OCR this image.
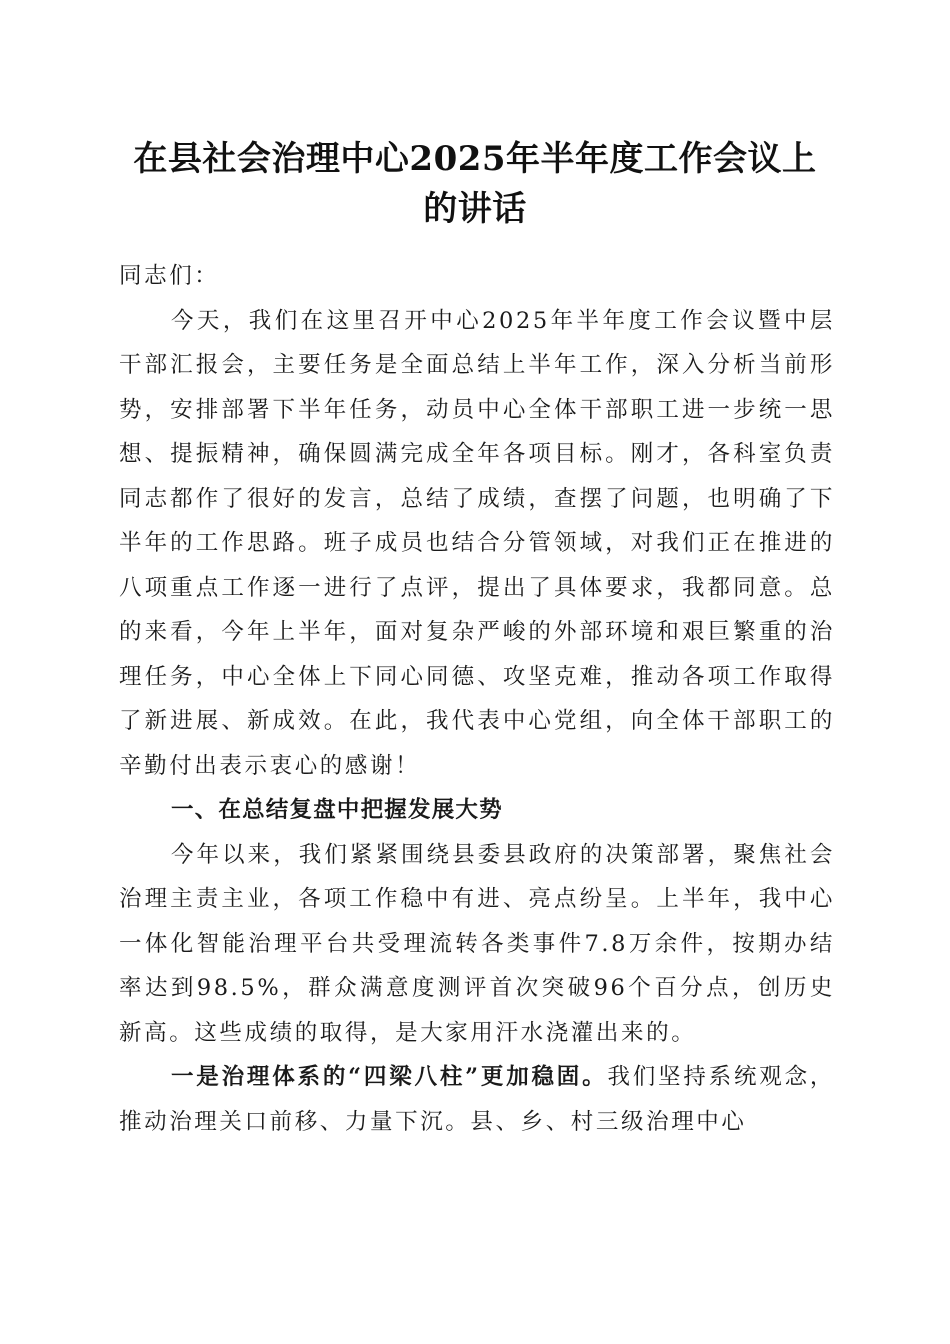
在县社会治理中心2025年半年度工作会议上
的讲话

同志们：

今天，我们在这里召开中心2025年半年度工作会议暨中层干部汇报会，主要任务是全面总结上半年工作，深入分析当前形势，安排部署下半年任务，动员中心全体干部职工进一步统一思想、提振精神，确保圆满完成全年各项目标。刚才，各科室负责同志都作了很好的发言，总结了成绩，查摆了问题，也明确了下半年的工作思路。班子成员也结合分管领域，对我们正在推进的八项重点工作逐一进行了点评，提出了具体要求，我都同意。总的来看，今年上半年，面对复杂严峻的外部环境和艰巨繁重的治理任务，中心全体上下同心同德、攻坚克难，推动各项工作取得了新进展、新成效。在此，我代表中心党组，向全体干部职工的辛勤付出表示衷心的感谢！

一、在总结复盘中把握发展大势

今年以来，我们紧紧围绕县委县政府的决策部署，聚焦社会治理主责主业，各项工作稳中有进、亮点纷呈。上半年，我中心一体化智能治理平台共受理流转各类事件7.8万余件，按期办结率达到98.5%，群众满意度测评首次突破96个百分点，创历史新高。这些成绩的取得，是大家用汗水浇灌出来的。

一是治理体系的“四梁八柱”更加稳固。我们坚持系统观念，推动治理关口前移、力量下沉。县、乡、村三级治理中心
